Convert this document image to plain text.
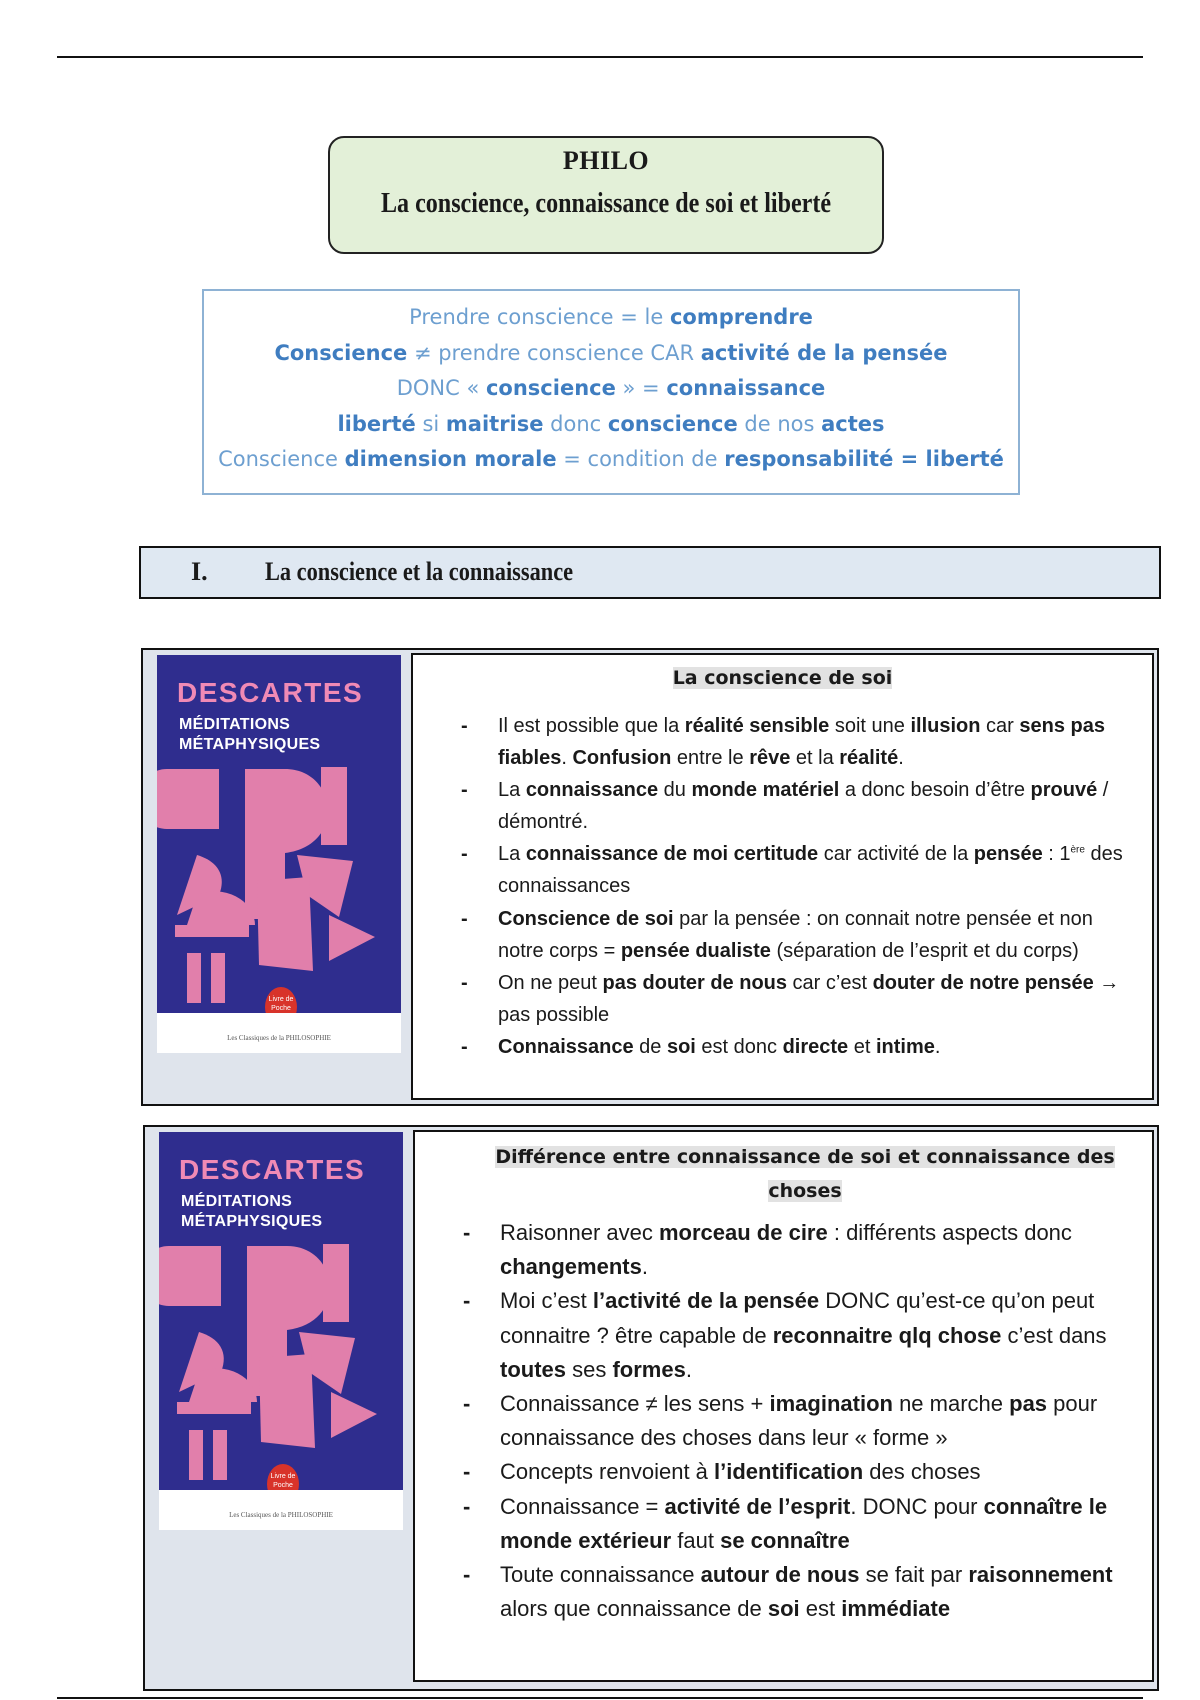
PHILO
La conscience, connaissance de soi et liberté
Prendre conscience = le comprendre
Conscience ≠ prendre conscience CAR activité de la pensée
DONC « conscience » = connaissance
liberté si maitrise donc conscience de nos actes
Conscience dimension morale = condition de responsabilité = liberté
I. La conscience et la connaissance
DESCARTES
MÉDITATIONS
MÉTAPHYSIQUES
Livre de Poche
Les Classiques de la PHILOSOPHIE
La conscience de soi
- Il est possible que la réalité sensible soit une illusion car sens pas fiables. Confusion entre le rêve et la réalité.
- La connaissance du monde matériel a donc besoin d’être prouvé / démontré.
- La connaissance de moi certitude car activité de la pensée : 1ère des connaissances
- Conscience de soi par la pensée : on connait notre pensée et non notre corps = pensée dualiste (séparation de l’esprit et du corps)
- On ne peut pas douter de nous car c’est douter de notre pensée → pas possible
- Connaissance de soi est donc directe et intime.
DESCARTES
MÉDITATIONS
MÉTAPHYSIQUES
Livre de Poche
Les Classiques de la PHILOSOPHIE
Différence entre connaissance de soi et connaissance des
choses
- Raisonner avec morceau de cire : différents aspects donc changements.
- Moi c’est l’activité de la pensée DONC qu’est-ce qu’on peut connaitre ? être capable de reconnaitre qlq chose c’est dans toutes ses formes.
- Connaissance ≠ les sens + imagination ne marche pas pour connaissance des choses dans leur « forme »
- Concepts renvoient à l’identification des choses
- Connaissance = activité de l’esprit. DONC pour connaître le monde extérieur faut se connaître
- Toute connaissance autour de nous se fait par raisonnement alors que connaissance de soi est immédiate
